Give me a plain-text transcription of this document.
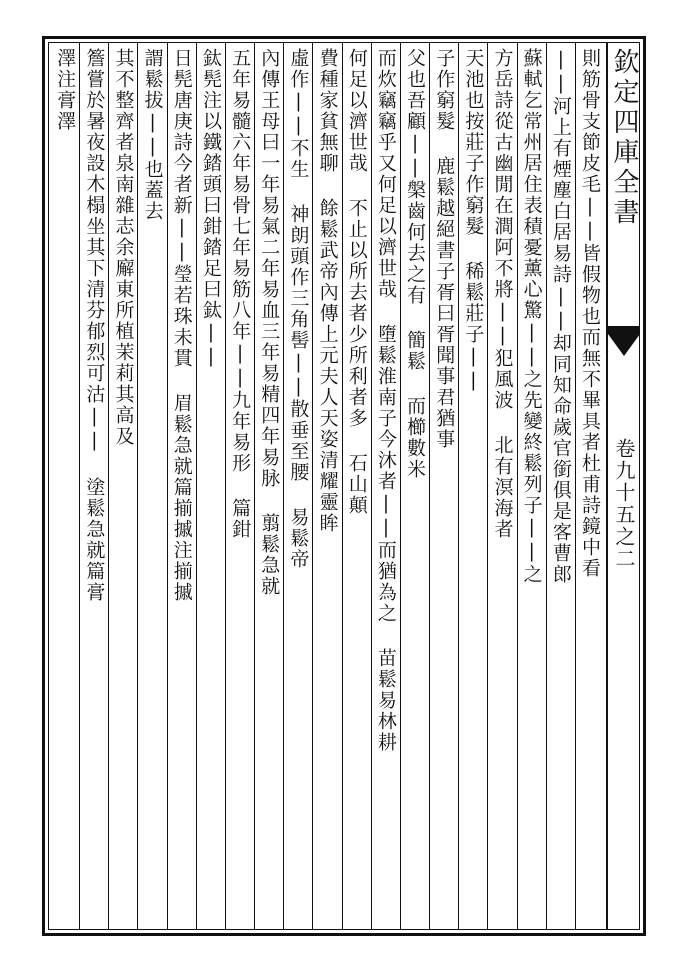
欽定四庫全書
卷九十五之二
則筋骨支節皮毛||皆假物也而無不畢具者杜甫詩鏡中看
||河上有煙塵白居易詩||却同知命歲官銜俱是客曹郎
蘇軾乞常州居住表積憂薰心驚||之先變終鬆列子||之
方岳詩從古幽閒在澗阿不將||犯風波 北有溟海者
天池也按莊子作窮髮 稀鬆莊子||
子作窮髮 鹿鬆越絕書子胥曰胥聞事君猶事
父也吾顧||槃齒何去之有 簡鬆 而櫛數米
而炊竊竊乎又何足以濟世哉 墮鬆淮南子今沐者||而猶為之 苗鬆易林耕
何足以濟世哉 不止以所去者少所利者多 石山顛
費種家貧無聊 餘鬆武帝內傳上元夫人天姿清耀靈眸
虛作||不生 神朗頭作三角髻||散垂至腰 易鬆帝
內傳王母曰一年易氣二年易血三年易精四年易脉 翦鬆急就
五年易髓六年易骨七年易筋八年||九年易形 篇鉗
鈦髡注以鐵錔頭曰鉗錔足曰鈦||
日髡唐庚詩今者新||瑩若珠未貫 眉鬆急就篇揃摵注揃摵
謂鬆拔||也蓋去
其不整齊者泉南雜志余廨東所植茉莉其高及
簷嘗於暑夜設木榻坐其下清芬郁烈可沽|| 塗鬆急就篇膏
澤注膏澤
